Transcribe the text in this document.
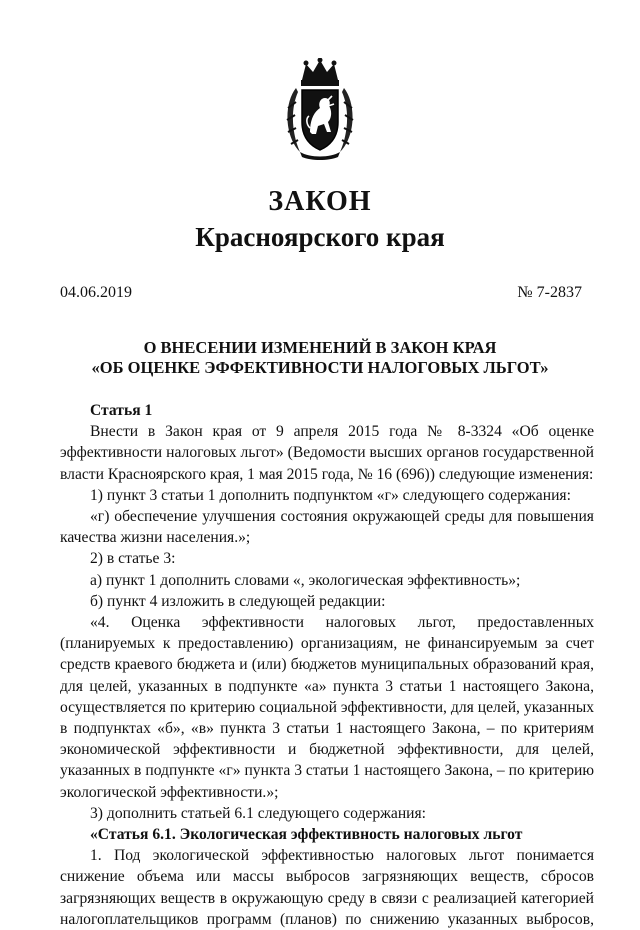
ЗАКОН
Красноярского края
04.06.2019	№ 7-2837
О ВНЕСЕНИИ ИЗМЕНЕНИЙ В ЗАКОН КРАЯ
«ОБ ОЦЕНКЕ ЭФФЕКТИВНОСТИ НАЛОГОВЫХ ЛЬГОТ»

Статья 1

Внести в Закон края от 9 апреля 2015 года № 8-3324 «Об оценке эффективности налоговых льгот» (Ведомости высших органов государственной власти Красноярского края, 1 мая 2015 года, № 16 (696)) следующие изменения:

1) пункт 3 статьи 1 дополнить подпунктом «г» следующего содержания:

«г) обеспечение улучшения состояния окружающей среды для повышения качества жизни населения.»;

2) в статье 3:

а) пункт 1 дополнить словами «, экологическая эффективность»;

б) пункт 4 изложить в следующей редакции:

«4. Оценка эффективности налоговых льгот, предоставленных (планируемых к предоставлению) организациям, не финансируемым за счет средств краевого бюджета и (или) бюджетов муниципальных образований края, для целей, указанных в подпункте «а» пункта 3 статьи 1 настоящего Закона, осуществляется по критерию социальной эффективности, для целей, указанных в подпунктах «б», «в» пункта 3 статьи 1 настоящего Закона, – по критериям экономической эффективности и бюджетной эффективности, для целей, указанных в подпункте «г» пункта 3 статьи 1 настоящего Закона, – по критерию экологической эффективности.»;

3) дополнить статьей 6.1 следующего содержания:

«Статья 6.1. Экологическая эффективность налоговых льгот

1. Под экологической эффективностью налоговых льгот понимается снижение объема или массы выбросов загрязняющих веществ, сбросов загрязняющих веществ в окружающую среду в связи с реализацией категорией налогоплательщиков программ (планов) по снижению указанных выбросов,
